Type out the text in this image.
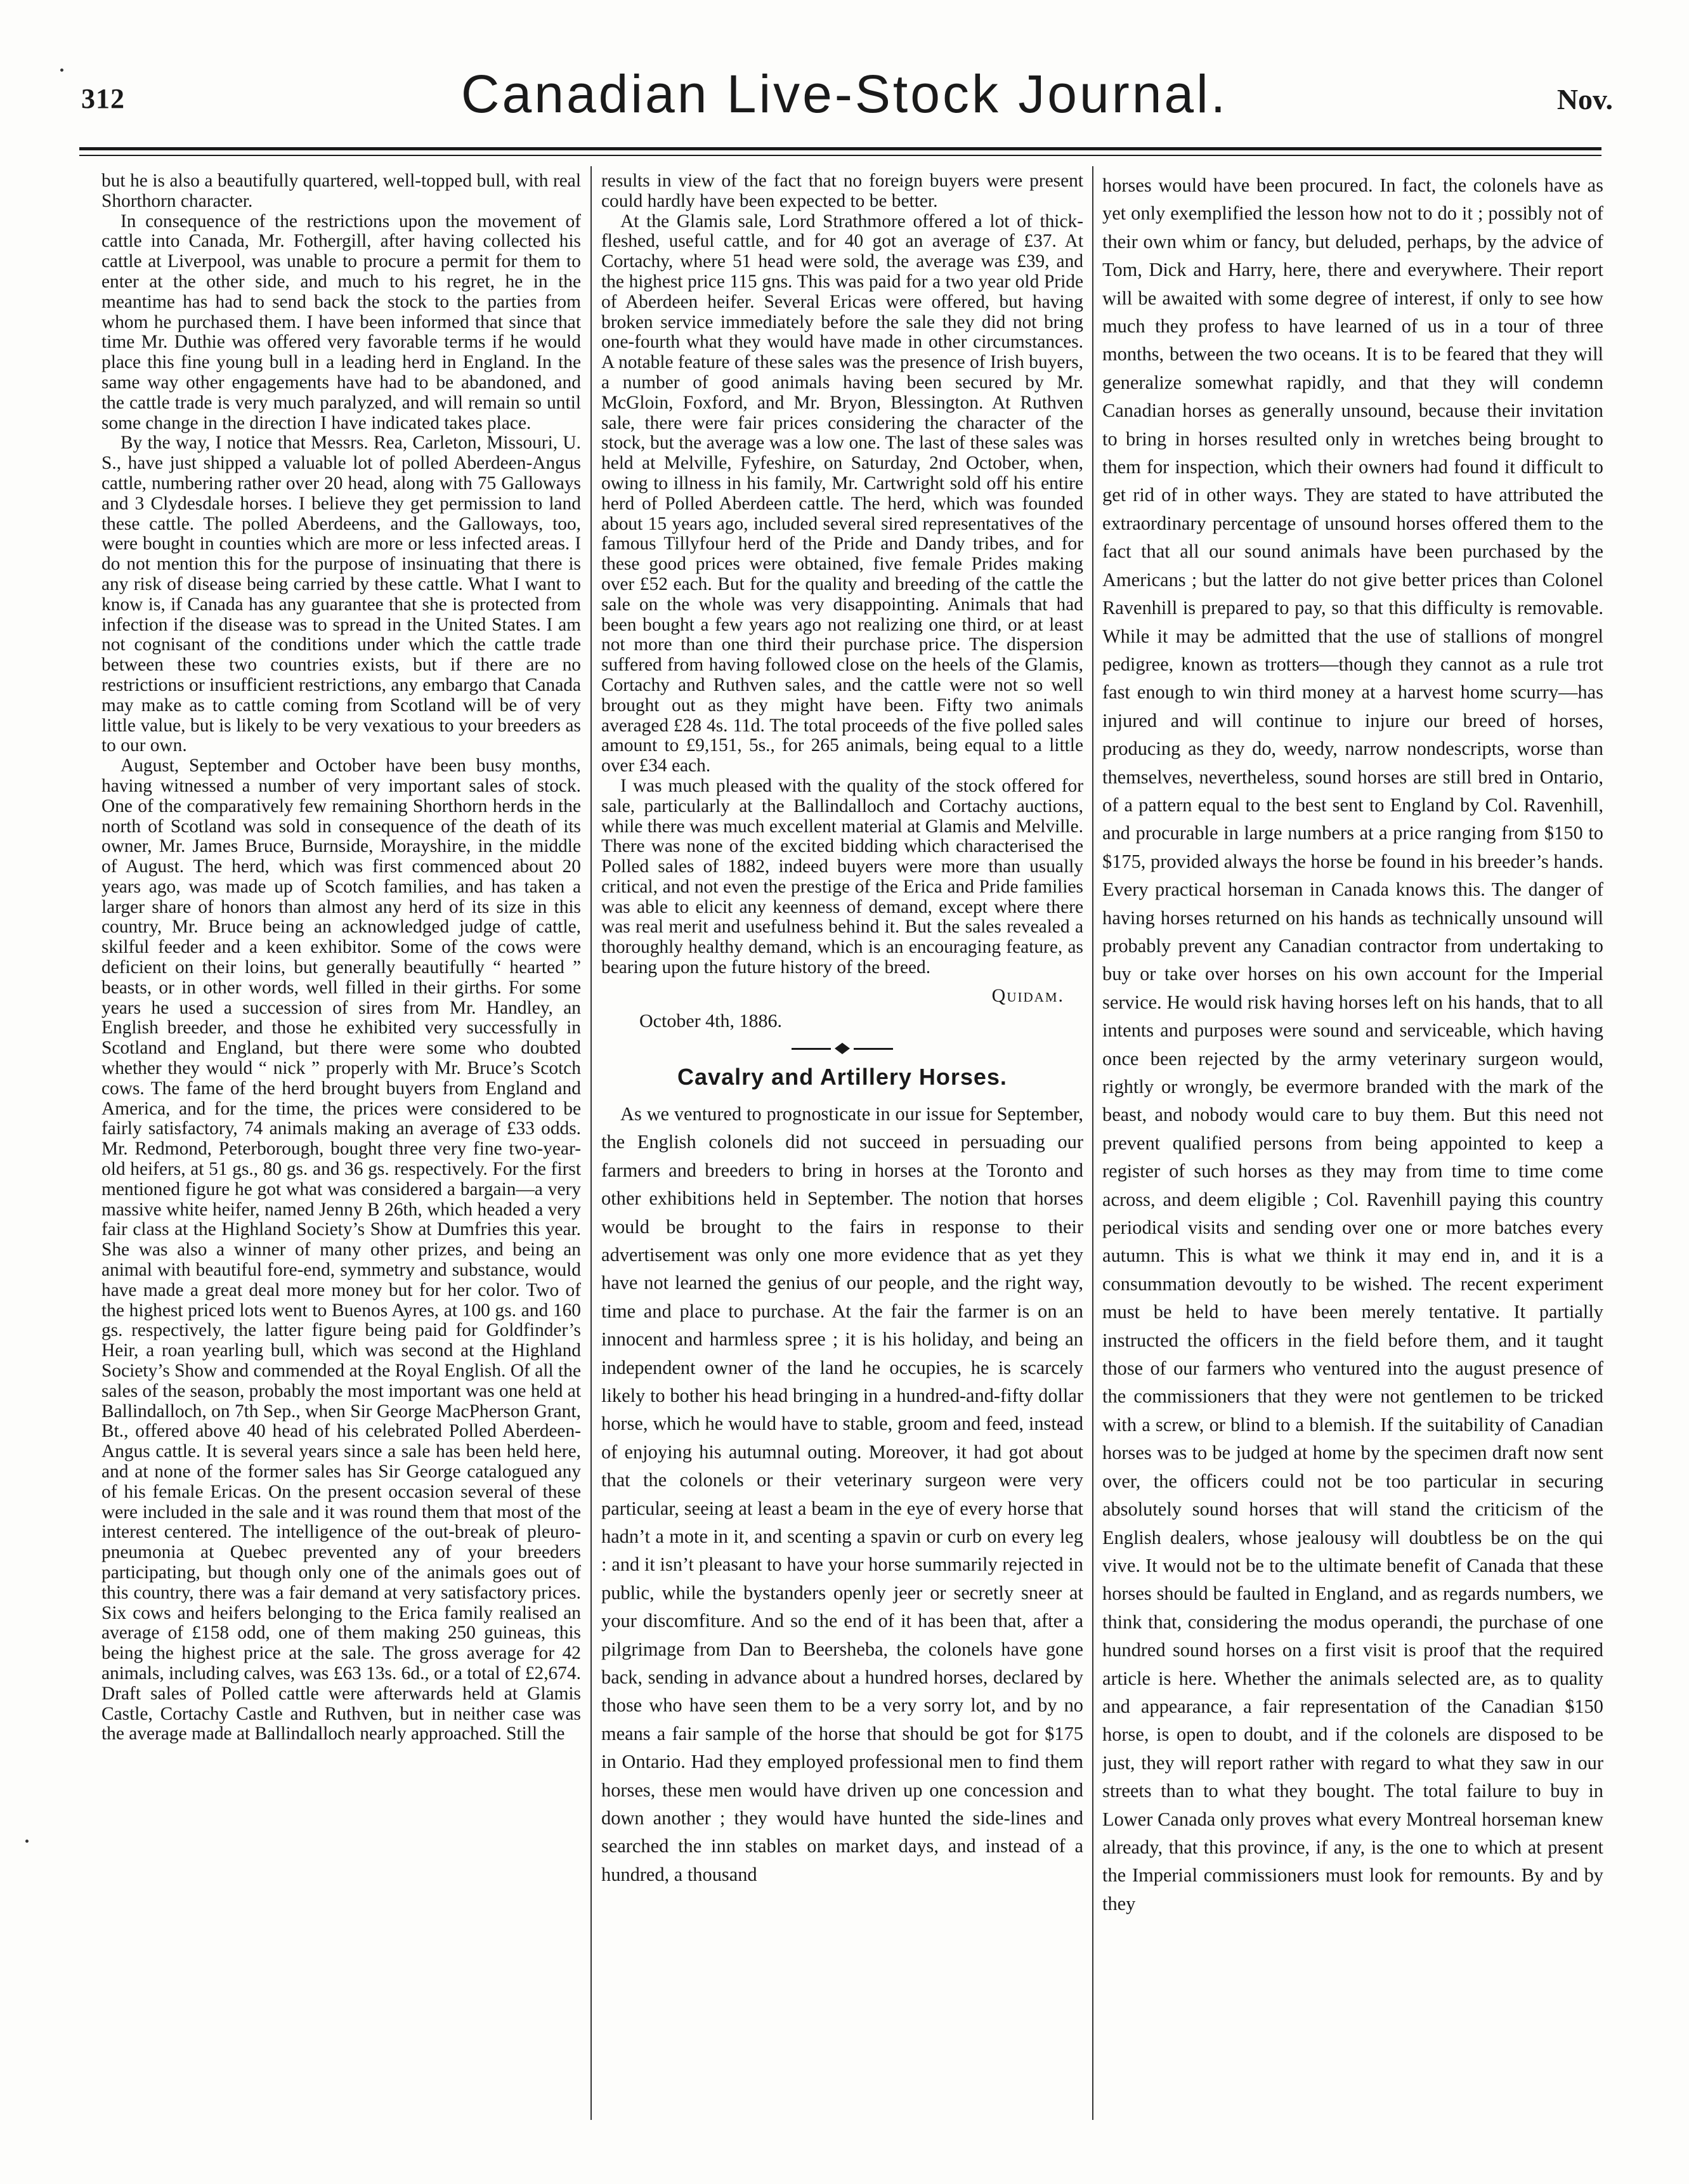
312	Canadian Live-Stock Journal.	Nov.

but he is also a beautifully quartered, well-topped bull, with real Shorthorn character.

In consequence of the restrictions upon the movement of cattle into Canada, Mr. Fothergill, after having collected his cattle at Liverpool, was unable to procure a permit for them to enter at the other side, and much to his regret, he in the meantime has had to send back the stock to the parties from whom he purchased them. I have been informed that since that time Mr. Duthie was offered very favorable terms if he would place this fine young bull in a leading herd in England. In the same way other engagements have had to be abandoned, and the cattle trade is very much paralyzed, and will remain so until some change in the direction I have indicated takes place.

By the way, I notice that Messrs. Rea, Carleton, Missouri, U. S., have just shipped a valuable lot of polled Aberdeen-Angus cattle, numbering rather over 20 head, along with 75 Galloways and 3 Clydesdale horses. I believe they get permission to land these cattle. The polled Aberdeens, and the Galloways, too, were bought in counties which are more or less infected areas. I do not mention this for the purpose of insinuating that there is any risk of disease being carried by these cattle. What I want to know is, if Canada has any guarantee that she is protected from infection if the disease was to spread in the United States. I am not cognisant of the conditions under which the cattle trade between these two countries exists, but if there are no restrictions or insufficient restrictions, any embargo that Canada may make as to cattle coming from Scotland will be of very little value, but is likely to be very vexatious to your breeders as to our own.

August, September and October have been busy months, having witnessed a number of very important sales of stock. One of the comparatively few remaining Shorthorn herds in the north of Scotland was sold in consequence of the death of its owner, Mr. James Bruce, Burnside, Morayshire, in the middle of August. The herd, which was first commenced about 20 years ago, was made up of Scotch families, and has taken a larger share of honors than almost any herd of its size in this country, Mr. Bruce being an acknowledged judge of cattle, skilful feeder and a keen exhibitor. Some of the cows were deficient on their loins, but generally beautifully “ hearted ” beasts, or in other words, well filled in their girths. For some years he used a succession of sires from Mr. Handley, an English breeder, and those he exhibited very successfully in Scotland and England, but there were some who doubted whether they would “ nick ” properly with Mr. Bruce’s Scotch cows. The fame of the herd brought buyers from England and America, and for the time, the prices were considered to be fairly satisfactory, 74 animals making an average of £33 odds. Mr. Redmond, Peterborough, bought three very fine two-year-old heifers, at 51 gs., 80 gs. and 36 gs. respectively. For the first mentioned figure he got what was considered a bargain—a very massive white heifer, named Jenny B 26th, which headed a very fair class at the Highland Society’s Show at Dumfries this year. She was also a winner of many other prizes, and being an animal with beautiful fore-end, symmetry and substance, would have made a great deal more money but for her color. Two of the highest priced lots went to Buenos Ayres, at 100 gs. and 160 gs. respectively, the latter figure being paid for Goldfinder’s Heir, a roan yearling bull, which was second at the Highland Society’s Show and commended at the Royal English. Of all the sales of the season, probably the most important was one held at Ballindalloch, on 7th Sep., when Sir George MacPherson Grant, Bt., offered above 40 head of his celebrated Polled Aberdeen-Angus cattle. It is several years since a sale has been held here, and at none of the former sales has Sir George catalogued any of his female Ericas. On the present occasion several of these were included in the sale and it was round them that most of the interest centered. The intelligence of the out-break of pleuro-pneumonia at Quebec prevented any of your breeders participating, but though only one of the animals goes out of this country, there was a fair demand at very satisfactory prices. Six cows and heifers belonging to the Erica family realised an average of £158 odd, one of them making 250 guineas, this being the highest price at the sale. The gross average for 42 animals, including calves, was £63 13s. 6d., or a total of £2,674. Draft sales of Polled cattle were afterwards held at Glamis Castle, Cortachy Castle and Ruthven, but in neither case was the average made at Ballindalloch nearly approached. Still the

results in view of the fact that no foreign buyers were present could hardly have been expected to be better.

At the Glamis sale, Lord Strathmore offered a lot of thick-fleshed, useful cattle, and for 40 got an average of £37. At Cortachy, where 51 head were sold, the average was £39, and the highest price 115 gns. This was paid for a two year old Pride of Aberdeen heifer. Several Ericas were offered, but having broken service immediately before the sale they did not bring one-fourth what they would have made in other circumstances. A notable feature of these sales was the presence of Irish buyers, a number of good animals having been secured by Mr. McGloin, Foxford, and Mr. Bryon, Blessington. At Ruthven sale, there were fair prices considering the character of the stock, but the average was a low one. The last of these sales was held at Melville, Fyfeshire, on Saturday, 2nd October, when, owing to illness in his family, Mr. Cartwright sold off his entire herd of Polled Aberdeen cattle. The herd, which was founded about 15 years ago, included several sired representatives of the famous Tillyfour herd of the Pride and Dandy tribes, and for these good prices were obtained, five female Prides making over £52 each. But for the quality and breeding of the cattle the sale on the whole was very disappointing. Animals that had been bought a few years ago not realizing one third, or at least not more than one third their purchase price. The dispersion suffered from having followed close on the heels of the Glamis, Cortachy and Ruthven sales, and the cattle were not so well brought out as they might have been. Fifty two animals averaged £28 4s. 11d. The total proceeds of the five polled sales amount to £9,151, 5s., for 265 animals, being equal to a little over £34 each.

I was much pleased with the quality of the stock offered for sale, particularly at the Ballindalloch and Cortachy auctions, while there was much excellent material at Glamis and Melville. There was none of the excited bidding which characterised the Polled sales of 1882, indeed buyers were more than usually critical, and not even the prestige of the Erica and Pride families was able to elicit any keenness of demand, except where there was real merit and usefulness behind it. But the sales revealed a thoroughly healthy demand, which is an encouraging feature, as bearing upon the future history of the breed.

Quidam.
October 4th, 1886.
Cavalry and Artillery Horses.

As we ventured to prognosticate in our issue for September, the English colonels did not succeed in persuading our farmers and breeders to bring in horses at the Toronto and other exhibitions held in September. The notion that horses would be brought to the fairs in response to their advertisement was only one more evidence that as yet they have not learned the genius of our people, and the right way, time and place to purchase. At the fair the farmer is on an innocent and harmless spree ; it is his holiday, and being an independent owner of the land he occupies, he is scarcely likely to bother his head bringing in a hundred-and-fifty dollar horse, which he would have to stable, groom and feed, instead of enjoying his autumnal outing. Moreover, it had got about that the colonels or their veterinary surgeon were very particular, seeing at least a beam in the eye of every horse that hadn’t a mote in it, and scenting a spavin or curb on every leg : and it isn’t pleasant to have your horse summarily rejected in public, while the bystanders openly jeer or secretly sneer at your discomfiture. And so the end of it has been that, after a pilgrimage from Dan to Beersheba, the colonels have gone back, sending in advance about a hundred horses, declared by those who have seen them to be a very sorry lot, and by no means a fair sample of the horse that should be got for $175 in Ontario. Had they employed professional men to find them horses, these men would have driven up one concession and down another ; they would have hunted the side-lines and searched the inn stables on market days, and instead of a hundred, a thousand

horses would have been procured. In fact, the colonels have as yet only exemplified the lesson how not to do it ; possibly not of their own whim or fancy, but deluded, perhaps, by the advice of Tom, Dick and Harry, here, there and everywhere. Their report will be awaited with some degree of interest, if only to see how much they profess to have learned of us in a tour of three months, between the two oceans. It is to be feared that they will generalize somewhat rapidly, and that they will condemn Canadian horses as generally unsound, because their invitation to bring in horses resulted only in wretches being brought to them for inspection, which their owners had found it difficult to get rid of in other ways. They are stated to have attributed the extraordinary percentage of unsound horses offered them to the fact that all our sound animals have been purchased by the Americans ; but the latter do not give better prices than Colonel Ravenhill is prepared to pay, so that this difficulty is removable. While it may be admitted that the use of stallions of mongrel pedigree, known as trotters—though they cannot as a rule trot fast enough to win third money at a harvest home scurry—has injured and will continue to injure our breed of horses, producing as they do, weedy, narrow nondescripts, worse than themselves, nevertheless, sound horses are still bred in Ontario, of a pattern equal to the best sent to England by Col. Ravenhill, and procurable in large numbers at a price ranging from $150 to $175, provided always the horse be found in his breeder’s hands. Every practical horseman in Canada knows this. The danger of having horses returned on his hands as technically unsound will probably prevent any Canadian contractor from undertaking to buy or take over horses on his own account for the Imperial service. He would risk having horses left on his hands, that to all intents and purposes were sound and serviceable, which having once been rejected by the army veterinary surgeon would, rightly or wrongly, be evermore branded with the mark of the beast, and nobody would care to buy them. But this need not prevent qualified persons from being appointed to keep a register of such horses as they may from time to time come across, and deem eligible ; Col. Ravenhill paying this country periodical visits and sending over one or more batches every autumn. This is what we think it may end in, and it is a consummation devoutly to be wished. The recent experiment must be held to have been merely tentative. It partially instructed the officers in the field before them, and it taught those of our farmers who ventured into the august presence of the commissioners that they were not gentlemen to be tricked with a screw, or blind to a blemish. If the suitability of Canadian horses was to be judged at home by the specimen draft now sent over, the officers could not be too particular in securing absolutely sound horses that will stand the criticism of the English dealers, whose jealousy will doubtless be on the qui vive. It would not be to the ultimate benefit of Canada that these horses should be faulted in England, and as regards numbers, we think that, considering the modus operandi, the purchase of one hundred sound horses on a first visit is proof that the required article is here. Whether the animals selected are, as to quality and appearance, a fair representation of the Canadian $150 horse, is open to doubt, and if the colonels are disposed to be just, they will report rather with regard to what they saw in our streets than to what they bought. The total failure to buy in Lower Canada only proves what every Montreal horseman knew already, that this province, if any, is the one to which at present the Imperial commissioners must look for remounts. By and by they
